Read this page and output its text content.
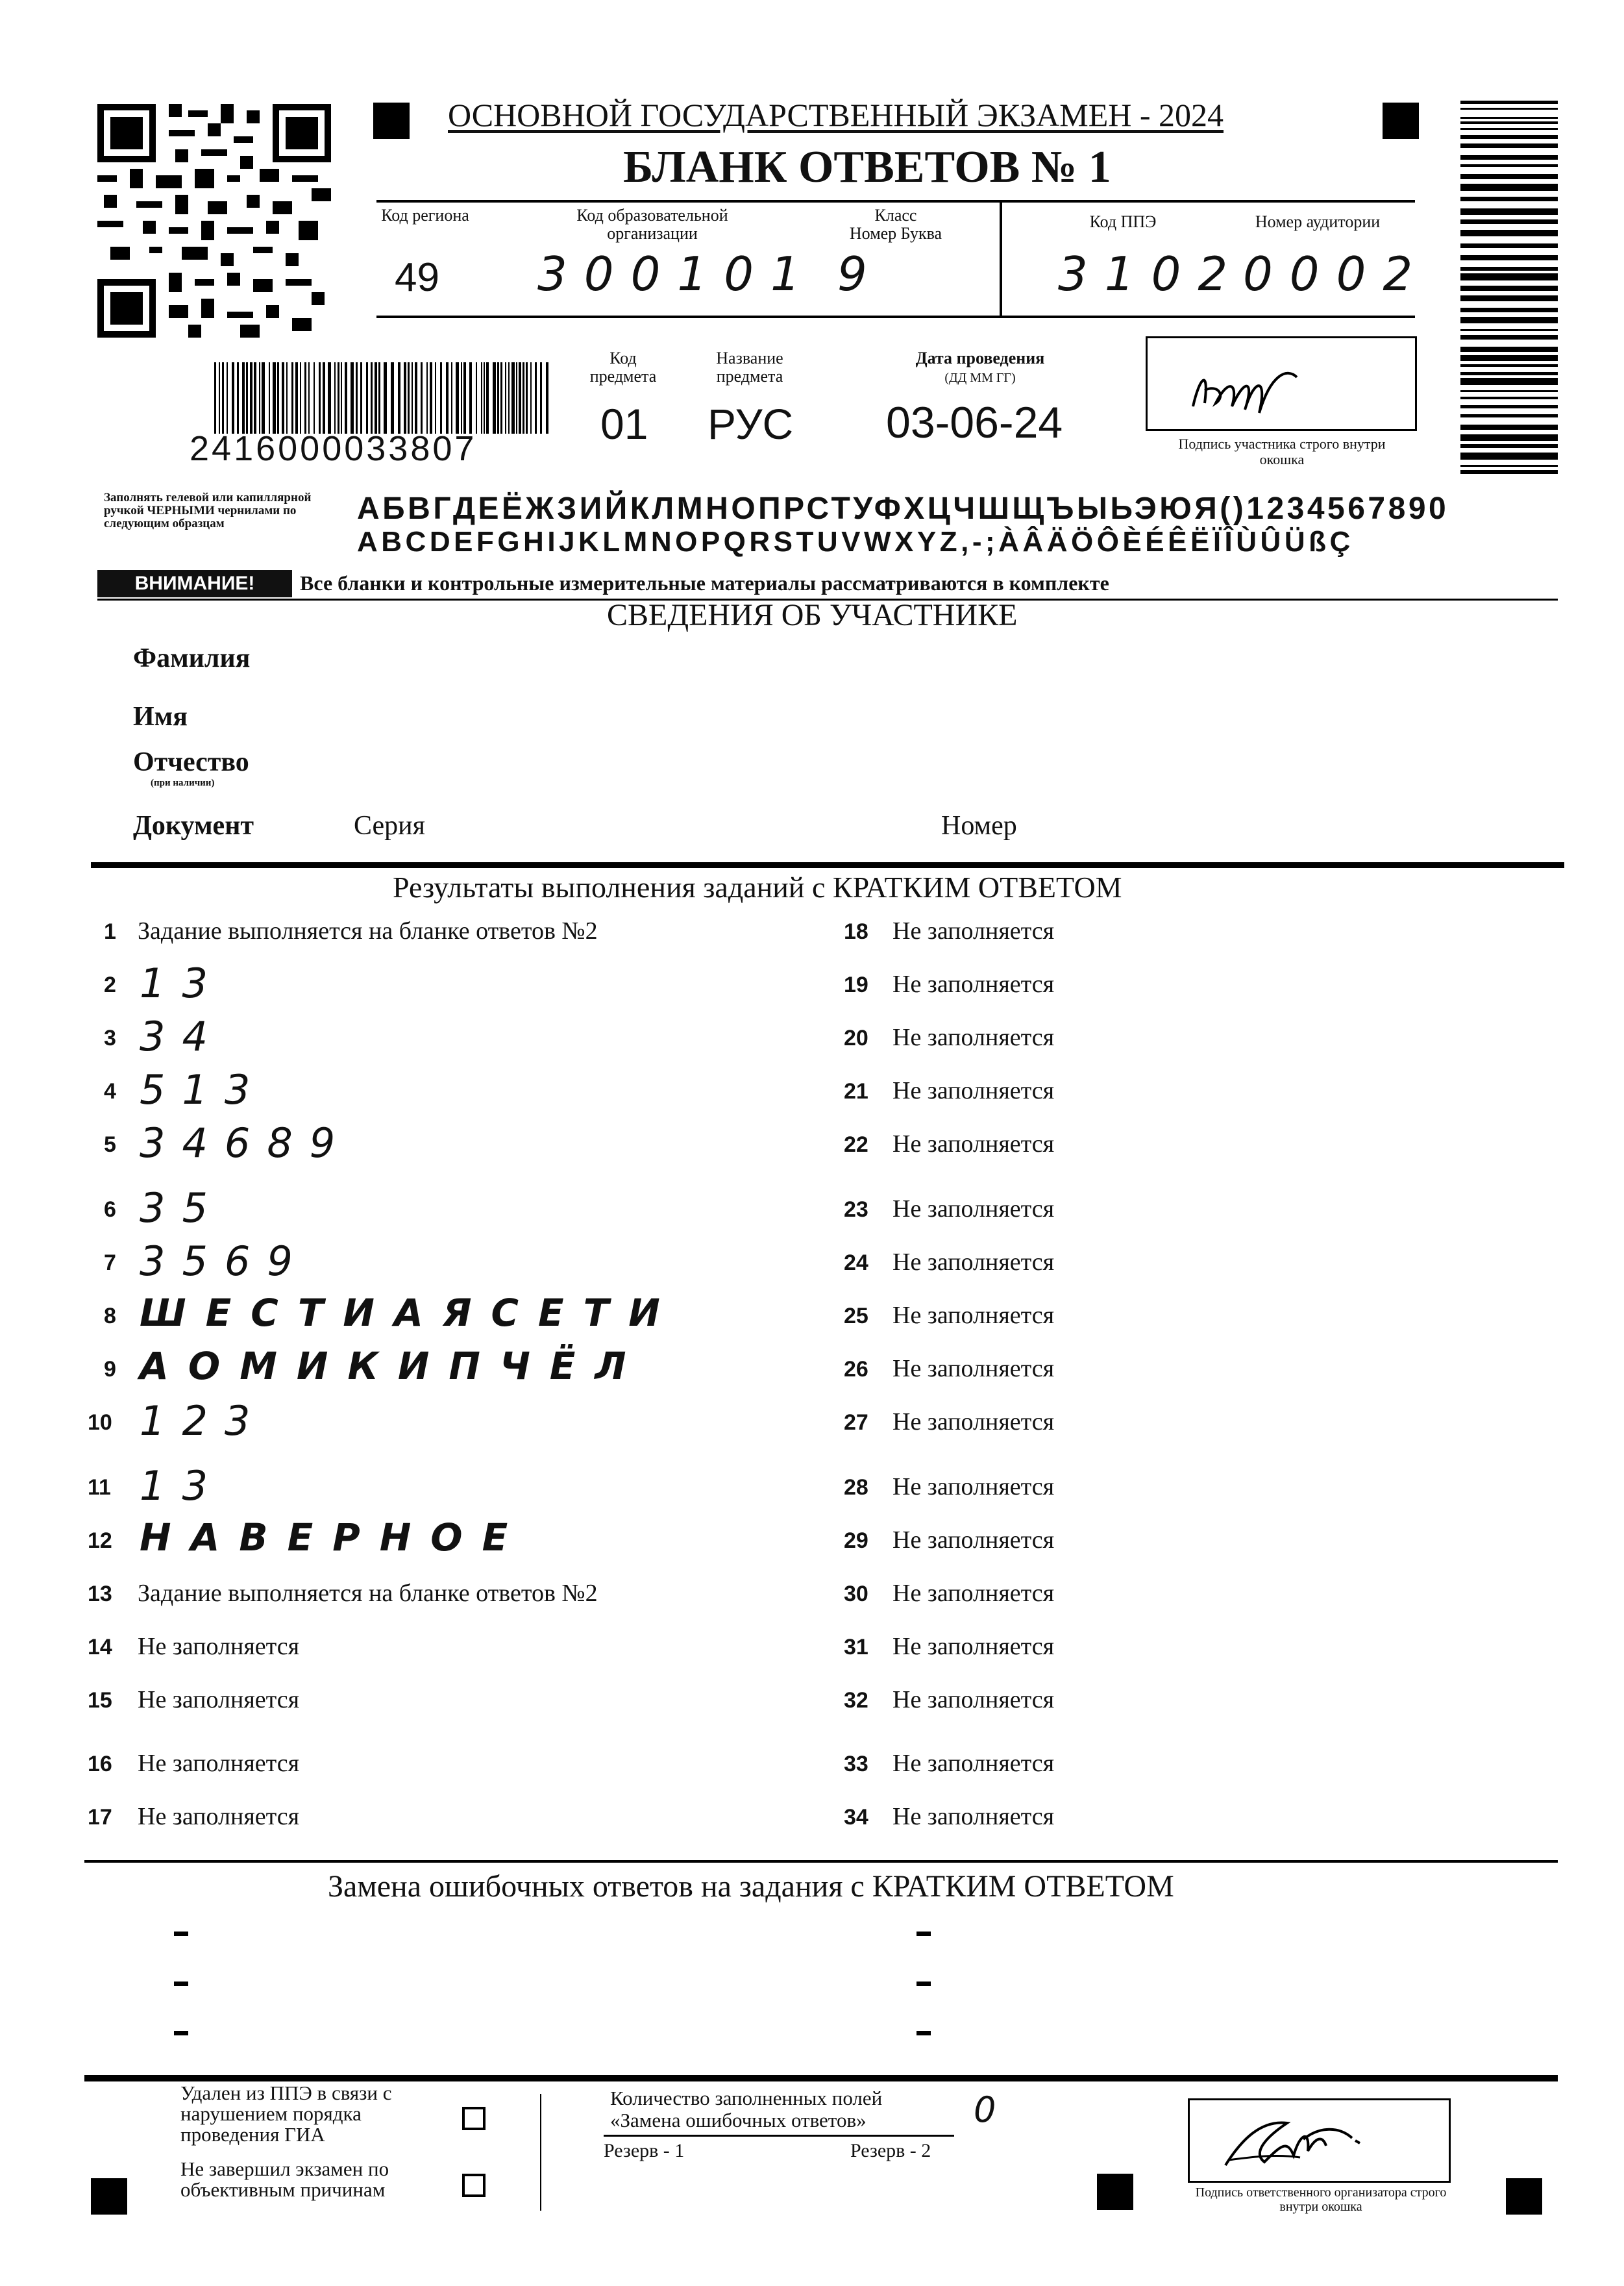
ОСНОВНОЙ ГОСУДАРСТВЕННЫЙ ЭКЗАМЕН - 2024
БЛАНК ОТВЕТОВ № 1
Код региона
49
Код образовательной организации
300101
Класс
Номер Буква
9
Код ППЭ
3102
Номер аудитории
0002
2416000033807
Код предмета
01
Название предмета
РУС
Дата проведения
(ДД ММ ГГ)
03-06-24	Подпись участника строго внутри окошка
Заполнять гелевой или капиллярной ручкой ЧЕРНЫМИ чернилами по следующим образцам	АБВГДЕЁЖЗИЙКЛМНОПРСТУФХЦЧШЩЪЫЬЭЮЯ()1234567890
ABCDEFGHIJKLMNOPQRSTUVWXYZ,-;ÀÂÄÖÔÈÉÊËÏÎÙÛÜßÇ
ВНИМАНИЕ!	Все бланки и контрольные измерительные материалы рассматриваются в комплекте
СВЕДЕНИЯ ОБ УЧАСТНИКЕ
Фамилия
Имя
Отчество
(при наличии)
Документ	Серия	Номер
Результаты выполнения заданий с КРАТКИМ ОТВЕТОМ
1 Задание выполняется на бланке ответов №2
2 13
3 34
4 513
5 34689
6 35
7 3569
8 ШЕСТИАЯСЕТИ
9 АОМИКИПЧЁЛ
10 123
11 13
12 НАВЕРНОЕ
13 Задание выполняется на бланке ответов №2
14 Не заполняется
15 Не заполняется
16 Не заполняется
17 Не заполняется
18 Не заполняется
19 Не заполняется
20 Не заполняется
21 Не заполняется
22 Не заполняется
23 Не заполняется
24 Не заполняется
25 Не заполняется
26 Не заполняется
27 Не заполняется
28 Не заполняется
29 Не заполняется
30 Не заполняется
31 Не заполняется
32 Не заполняется
33 Не заполняется
34 Не заполняется
Замена ошибочных ответов на задания с КРАТКИМ ОТВЕТОМ
Удален из ППЭ в связи с нарушением порядка проведения ГИА
Не завершил экзамен по объективным причинам
Количество заполненных полей «Замена ошибочных ответов»	0
Резерв - 1	Резерв - 2
Подпись ответственного организатора строго внутри окошка
